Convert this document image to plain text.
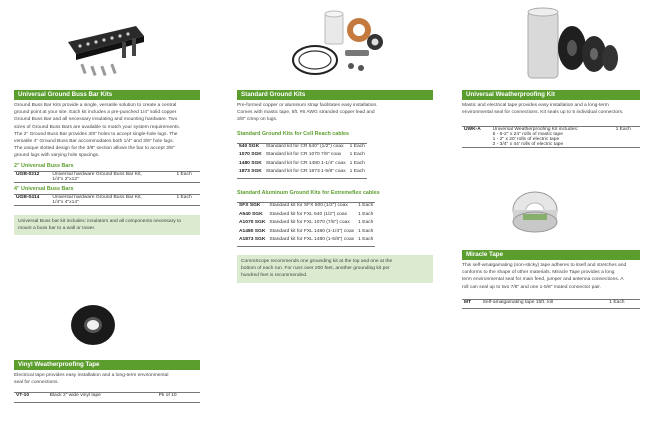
Universal Ground Buss Bar Kits
Ground Buss Bar Kits provide a single, versatile solution to create a central
ground point at your site. Each kit includes a pre-punched 1/4" solid copper
Ground Buss Bar and all necessary insulating and mounting hardware. Two
sizes of Ground Buss Bars are available to match your system requirements.
The 2" Ground Buss Bar provides 3/8" holes to accept single-hole lugs. The
versatile 4" Ground Buss Bar accommodates both 1/4" and 3/8" hole lugs.
The unique slotted design for the 3/8" section allows the bar to accept 3/8"
ground lugs with varying hole spacings.
2" Universal Buss Bars
UGB-0212	Universal hardware Ground Buss Bar Kit,
1/4"x 2"x12"
	1 Each
4" Universal Buss Bars
UGB-0414	Universal hardware Ground Buss Bar Kit,
1/4"x 4"x14"
	1 Each
Universal Buss bar kit includes: insulators and all components necessary to
mount a buss bar to a wall or tower.
Vinyl Weatherproofing Tape
Electrical tape provides easy installation and a long-term environmental
seal for connections.
VT-10	Black 2" wide vinyl tape	Pk of 10
Standard Ground Kits
Pre-formed copper or aluminum strap facilitates easy installation.
Comes with mastic tape, 5ft. #6 AWG stranded copper lead and
3/8" crimp on lugs.
Standard Ground Kits for Cell Reach cables
540 SGK	Standard kit for CR 540" (1/2") coax	1 Each
1070 SGK	Standard kit for CR 1070 7/8" coax	1 Each
1480 SGK	Standard kit for CR 1480 1-1/4" coax	1 Each
1873 SGK	Standard kit for CR 1873 1-5/8" coax	1 Each
Standard Aluminum Ground Kits for Extremeflex cables
SFX SGK	Standard kit for SFX 500 (1/2") coax	1 Each
A540 SGK	Standard kit for FXL 540 (1/2") coax	1 Each
A1070 SGK	Standard kit for FXL 1070 (7/8") coax	1 Each
A1480 SGK	Standard kit for FXL 1480 (1-1/4") coax	1 Each
A1873 SGK	Standard kit for FXL 1480 (1-5/8") coax	1 Each
CommScope recommends one grounding kit at the top and one at the
bottom of each run. For runs over 200 feet, another grounding kit per
hundred feet is recommended.
Universal Weatherproofing Kit
Mastic and electrical tape provides easy installation and a long-term
environmental seal for connections. Kit seals up to 5 individual connectors.
UWK-A	Universal Weatherproofing Kit includes:
5 - 6-2" x 24" rolls of mastic tape
1 - 2" x 20' rolls of electric tape
2 - 3/4" x 44' rolls of electric tape
	1 Each
Miracle Tape
This self-amalgamating (non-sticky) tape adheres to itself and stretches and
conforms to the shape of other materials. Miracle Tape provides a long
term environmental seal for main feed, jumper and antenna connections. A
roll can seal up to two 7/8" and one 1-5/8" mated connector pair.
MT	Self-amalgamating tape 15ft. roll	1 Each
